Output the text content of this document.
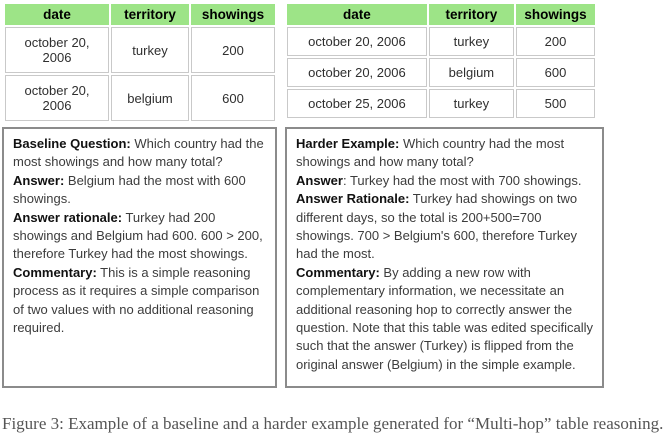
date	territory	showings
october 20, 2006	turkey	200
october 20, 2006	belgium	600
date	territory	showings
october 20, 2006	turkey	200
october 20, 2006	belgium	600
october 25, 2006	turkey	500

Baseline Question: Which country had the most showings and how many total?

Answer: Belgium had the most with 600 showings.

Answer rationale: Turkey had 200 showings and Belgium had 600. 600 > 200, therefore Turkey had the most showings.

Commentary: This is a simple reasoning process as it requires a simple comparison of two values with no additional reasoning required.

Harder Example: Which country had the most showings and how many total?

Answer: Turkey had the most with 700 showings.

Answer Rationale: Turkey had showings on two different days, so the total is 200+500=700 showings. 700 > Belgium's 600, therefore Turkey had the most.

Commentary: By adding a new row with complementary information, we necessitate an additional reasoning hop to correctly answer the question. Note that this table was edited specifically such that the answer (Turkey) is flipped from the original answer (Belgium) in the simple example.

Figure 3: Example of a baseline and a harder example generated for “Multi-hop” table reasoning.
